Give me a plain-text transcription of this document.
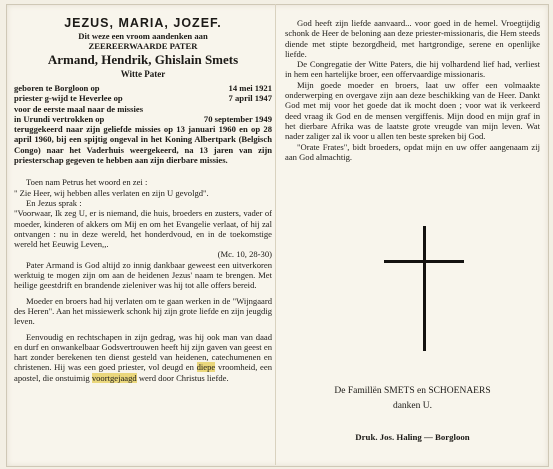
JEZUS, MARIA, JOZEF.

Dit weze een vroom aandenken aan
ZEEREERWAARDE PATER
Armand, Hendrik, Ghislain Smets
Witte Pater
geboren te Borgloon op	14 mei 1921
priester g-wijd te Heverlee op	7 april 1947
voor de eerste maal naar de missies
in Urundi vertrokken op	70 september 1949
teruggekeerd naar zijn geliefde missies op 13 januari 1960 en op 28 april 1960, bij een spijtig ongeval in het Koning Albertpark (Belgisch Congo) naar het Vaderhuis weergekeerd, na 13 jaren van zijn priesterschap gegeven te hebben aan zijn dierbare missies.

Toen nam Petrus het woord en zei :

" Zie Heer, wij hebben alles verlaten en zijn U gevolgd".

En Jezus sprak :

"Voorwaar, Ik zeg U, er is niemand, die huis, broeders en zusters, vader of moeder, kinderen of akkers om Mij en om het Evangelie verlaat, of hij zal ontvangen : nu in deze wereld, het honderdvoud, en in de toekomstige wereld het Eeuwig Leven,,.

(Mc. 10, 28-30)

Pater Armand is God altijd zo innig dankbaar geweest een uitverkoren werktuig te mogen zijn om aan de heidenen Jezus' naam te brengen. Met heilige geestdrift en brandende zieleniver was hij tot alle offers bereid.

Moeder en broers had hij verlaten om te gaan werken in de "Wijngaard des Heren". Aan het missiewerk schonk hij zijn grote liefde en zijn jeugdig leven.

Eenvoudig en rechtschapen in zijn gedrag, was hij ook man van daad en durf en onwankelbaar Godsvertrouwen heeft hij zijn gaven van geest en hart zonder berekenen ten dienst gesteld van heidenen, catechumenen en christenen. Hij was een goed priester, vol deugd en diepe vroomheid, een apostel, die onstuimig voortgejaagd werd door Christus liefde.

God heeft zijn liefde aanvaard... voor goed in de hemel. Vroegtijdig schonk de Heer de beloning aan deze priester-missionaris, die Hem steeds diende met stipte bezorgdheid, met hartgrondige, serene en openlijke liefde.

De Congregatie der Witte Paters, die hij volhardend lief had, verliest in hem een hartelijke broer, een offervaardige missionaris.

Mijn goede moeder en broers, laat uw offer een volmaakte onderwerping en overgave zijn aan deze beschikking van de Heer. Dankt God met mij voor het goede dat ik mocht doen ; voor wat ik verkeerd deed vraag ik God en de mensen vergiffenis. Mijn dood en mijn graf in het dierbare Afrika was de laatste grote vreugde van mijn leven. Wat nader zaliger zal ik voor u allen ten beste spreken bij God.

"Orate Frates", bidt broeders, opdat mijn en uw offer aangenaam zij aan God almachtig.

De Famillën SMETS en SCHOENAERS
danken U.
Druk. Jos. Haling — Borgloon
